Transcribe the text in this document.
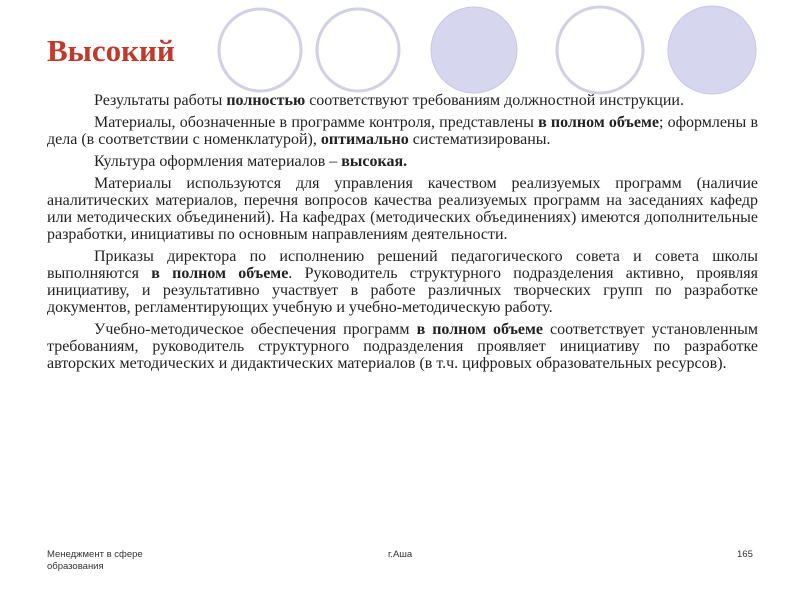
Высокий

Результаты работы полностью соответствуют требованиям должностной инструкции.

Материалы, обозначенные в программе контроля, представлены в полном объеме; оформлены в дела (в соответствии с номенклатурой), оптимально систематизированы.

Культура оформления материалов – высокая.

Материалы используются для управления качеством реализуемых программ (наличие аналитических материалов, перечня вопросов качества реализуемых программ на заседаниях кафедр или методических объединений). На кафедрах (методических объединениях) имеются дополнительные разработки, инициативы по основным направлениям деятельности.

Приказы директора по исполнению решений педагогического совета и совета школы выполняются в полном объеме. Руководитель структурного подразделения активно, проявляя инициативу, и результативно участвует в работе различных творческих групп по разработке документов, регламентирующих учебную и учебно-методическую работу.

Учебно-методическое обеспечения программ в полном объеме соответствует установленным требованиям, руководитель структурного подразделения проявляет инициативу по разработке авторских методических и дидактических материалов (в т.ч. цифровых образовательных ресурсов).

Менеджмент в сфере образования
г.Аша	165
